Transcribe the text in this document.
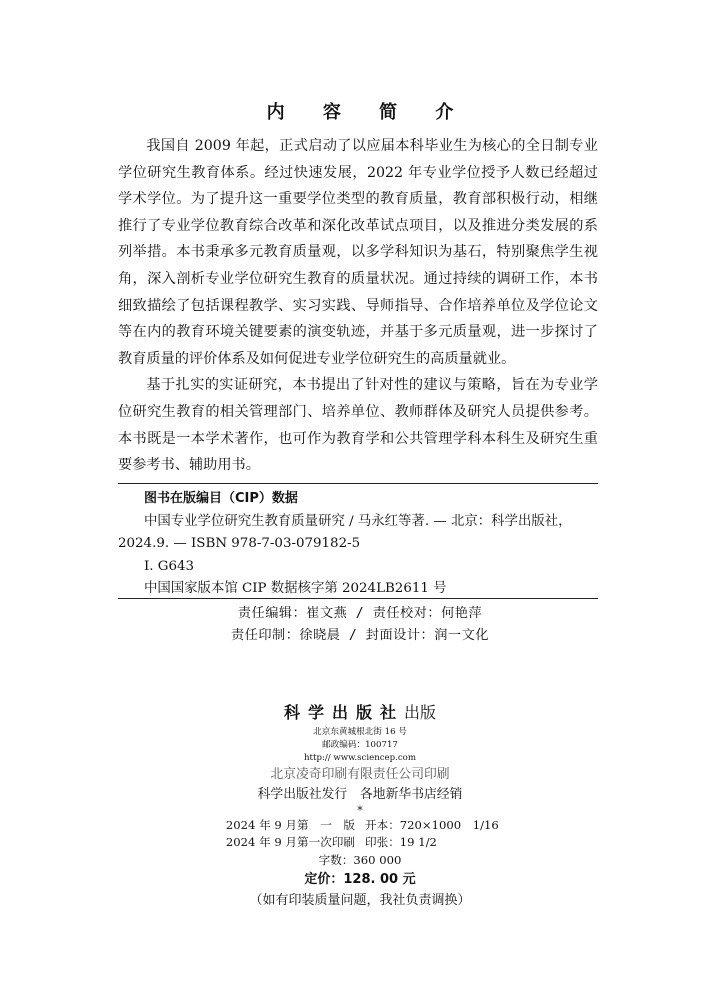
内 容 简 介

我国自 2009 年起，正式启动了以应届本科毕业生为核心的全日制专业学位研究生教育体系。经过快速发展，2022 年专业学位授予人数已经超过学术学位。为了提升这一重要学位类型的教育质量，教育部积极行动，相继推行了专业学位教育综合改革和深化改革试点项目，以及推进分类发展的系列举措。本书秉承多元教育质量观，以多学科知识为基石，特别聚焦学生视角，深入剖析专业学位研究生教育的质量状况。通过持续的调研工作，本书细致描绘了包括课程教学、实习实践、导师指导、合作培养单位及学位论文等在内的教育环境关键要素的演变轨迹，并基于多元质量观，进一步探讨了教育质量的评价体系及如何促进专业学位研究生的高质量就业。

基于扎实的实证研究，本书提出了针对性的建议与策略，旨在为专业学位研究生教育的相关管理部门、培养单位、教师群体及研究人员提供参考。本书既是一本学术著作，也可作为教育学和公共管理学科本科生及研究生重要参考书、辅助用书。

图书在版编目（CIP）数据
中国专业学位研究生教育质量研究 / 马永红等著. — 北京：科学出版社，2024.9. — ISBN 978-7-03-079182-5
Ⅰ. G643
中国国家版本馆 CIP 数据核字第 2024LB2611 号
责任编辑：崔文燕 / 责任校对：何艳萍
责任印制：徐晓晨 / 封面设计：润一文化
科学出版社出版
北京东黄城根北街 16 号
邮政编码：100717
http:// www.sciencep.com
北京凌奇印刷有限责任公司印刷
科学出版社发行　各地新华书店经销
*
2024 年 9 月第　一　版 开本：720×1000　1/16
2024 年 9 月第一次印刷 印张：19 1/2
字数：360 000
定价：128. 00 元
（如有印装质量问题，我社负责调换）
